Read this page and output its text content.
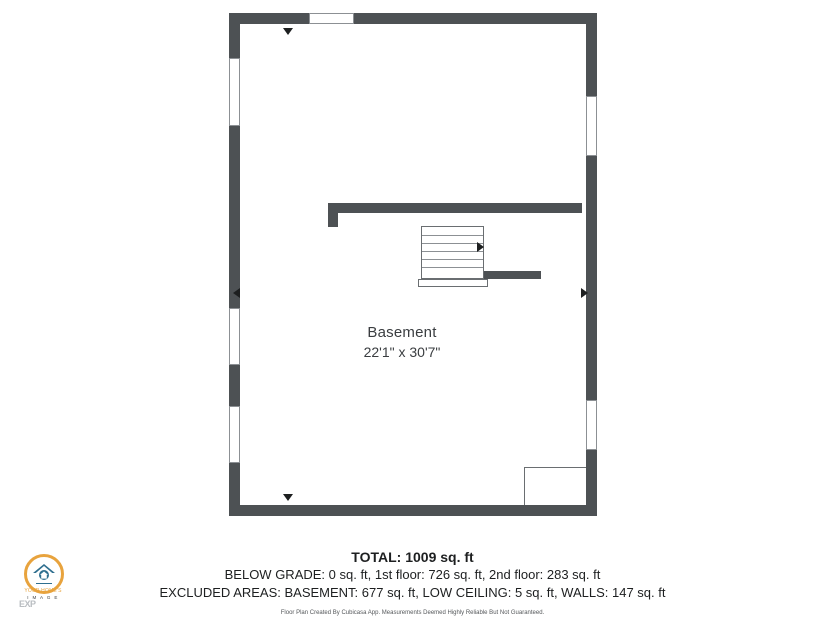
Basement
22'1" x 30'7"
TOTAL: 1009 sq. ft
BELOW GRADE: 0 sq. ft, 1st floor: 726 sq. ft, 2nd floor: 283 sq. ft
EXCLUDED AREAS: BASEMENT: 677 sq. ft, LOW CEILING: 5 sq. ft, WALLS: 147 sq. ft
Floor Plan Created By Cubicasa App. Measurements Deemed Highly Reliable But Not Guaranteed.
YOUR HOME'S
I M A G E
EXP
